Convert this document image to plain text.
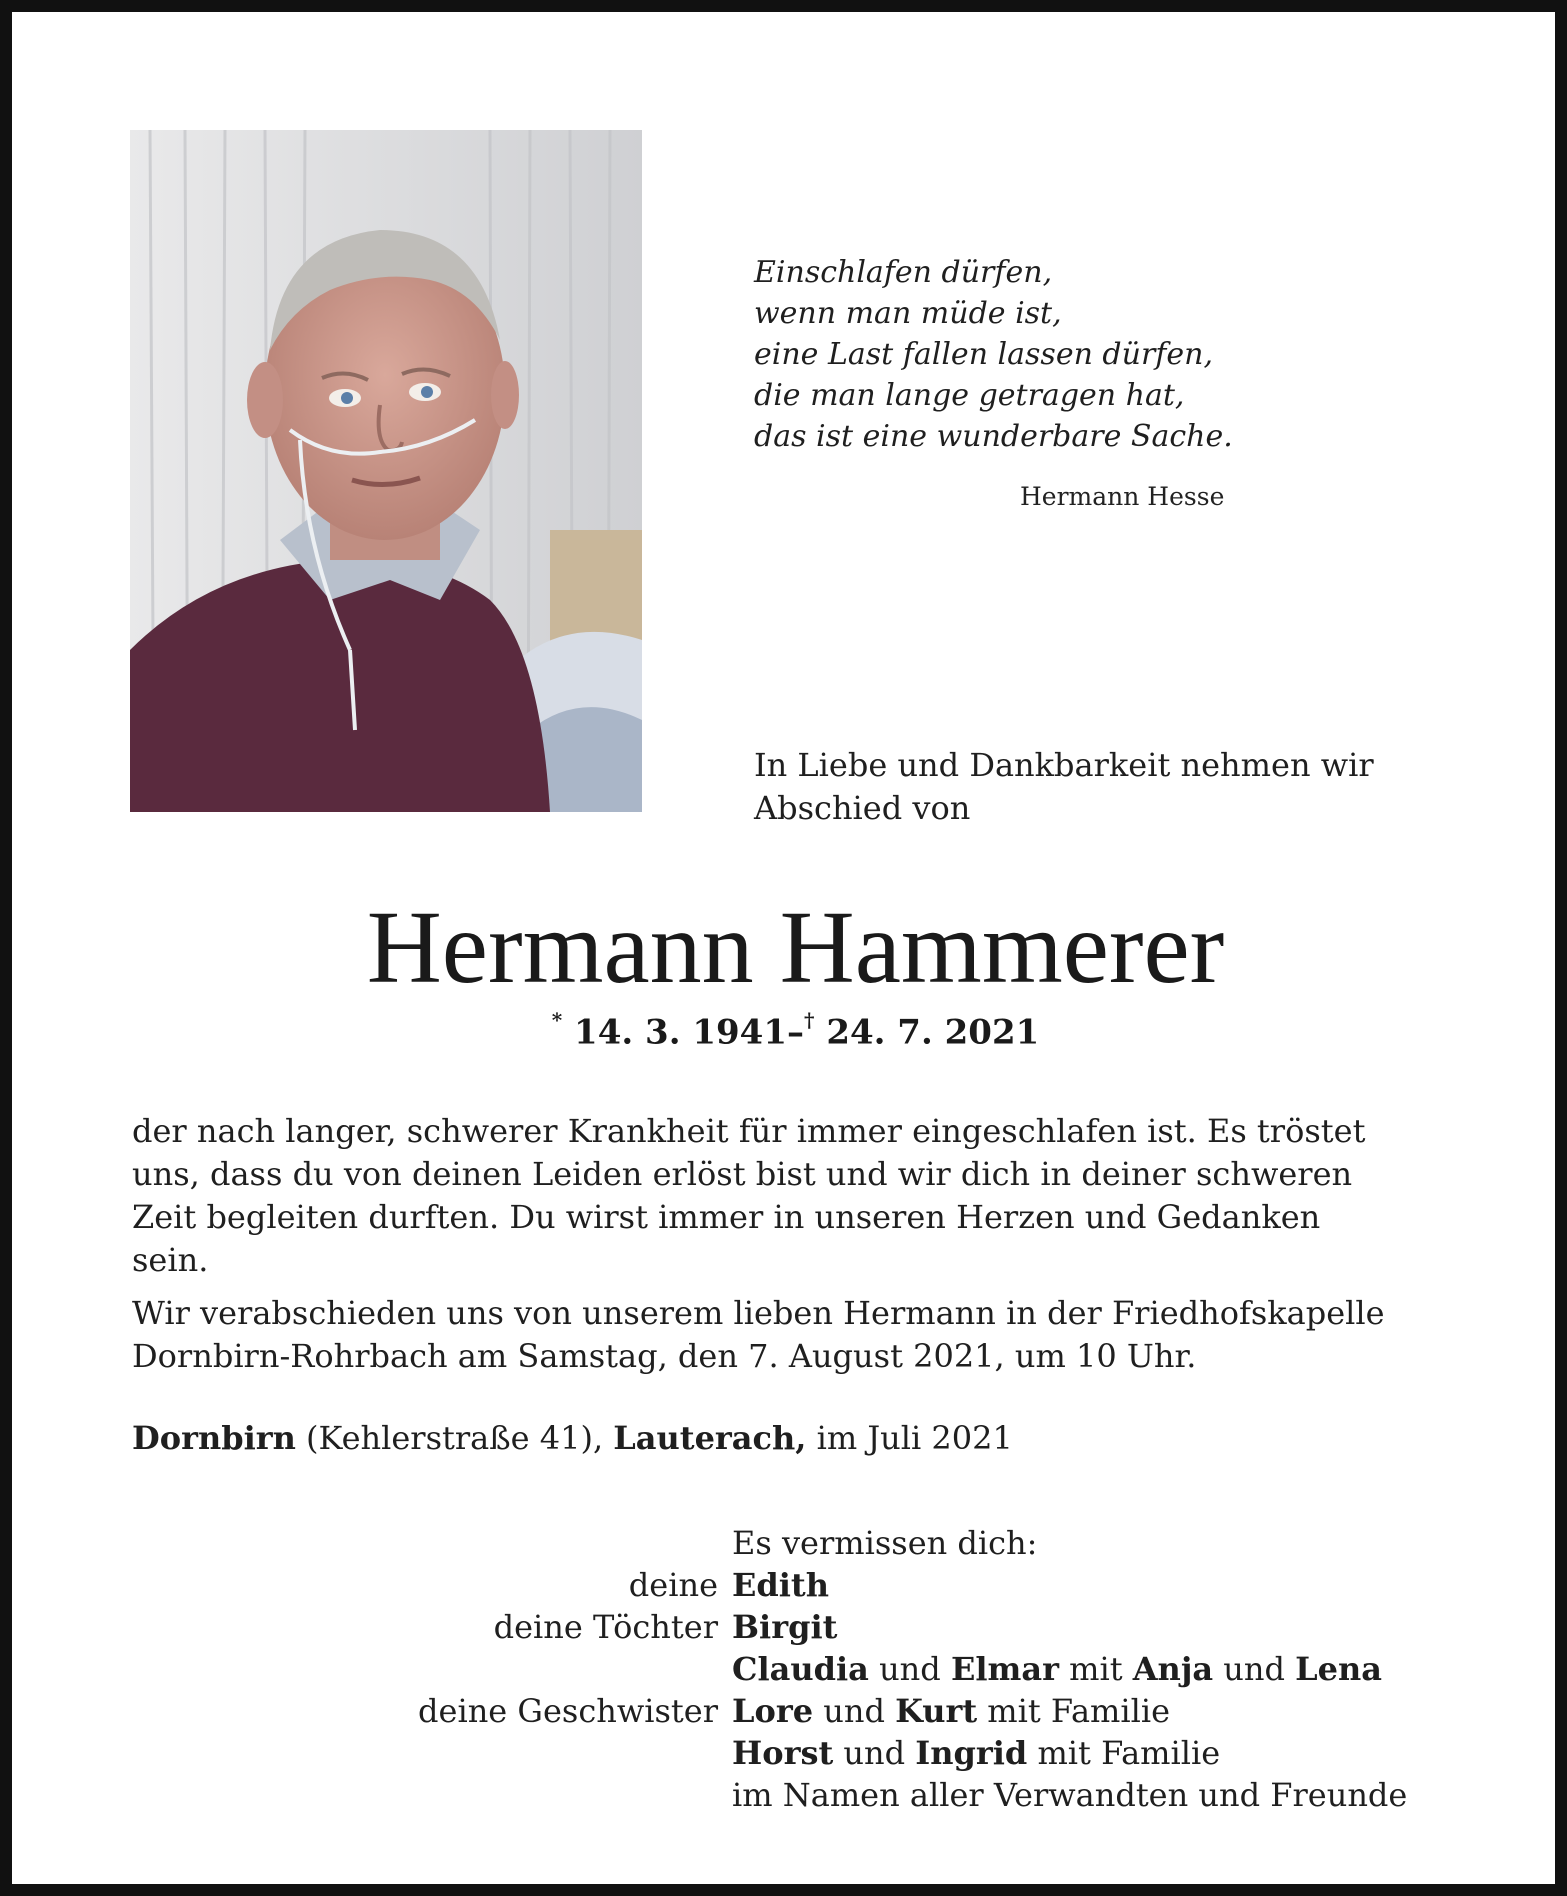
Einschlafen dürfen,
wenn man müde ist,
eine Last fallen lassen dürfen,
die man lange getragen hat,
das ist eine wunderbare Sache.
Hermann Hesse
In Liebe und Dankbarkeit nehmen wir
Abschied von
Hermann Hammerer
* 14. 3. 1941–† 24. 7. 2021
der nach langer, schwerer Krankheit für immer eingeschlafen ist. Es tröstet
uns, dass du von deinen Leiden erlöst bist und wir dich in deiner schweren
Zeit begleiten durften. Du wirst immer in unseren Herzen und Gedanken
sein.
Wir verabschieden uns von unserem lieben Hermann in der Friedhofskapelle
Dornbirn-Rohrbach am Samstag, den 7. August 2021, um 10 Uhr.
Dornbirn (Kehlerstraße 41), Lauterach, im Juli 2021
Es vermissen dich:
deine Edith
deine Töchter Birgit
Claudia und Elmar mit Anja und Lena
deine Geschwister Lore und Kurt mit Familie
Horst und Ingrid mit Familie
im Namen aller Verwandten und Freunde
